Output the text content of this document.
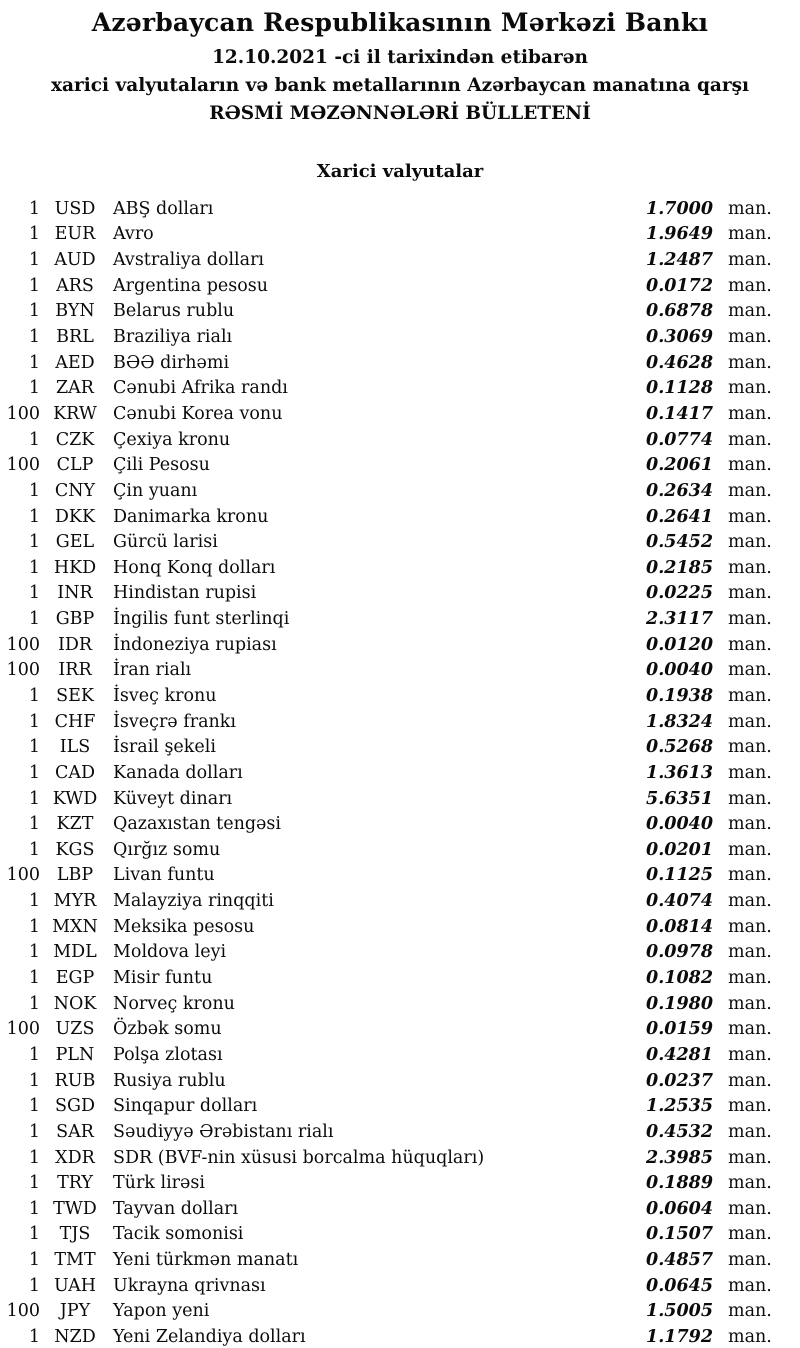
Azərbaycan Respublikasının Mərkəzi Bankı
12.10.2021 -ci il tarixindən etibarən
xarici valyutaların və bank metallarının Azərbaycan manatına qarşı
RƏSMİ MƏZƏNNƏLƏRİ BÜLLETENİ
Xarici valyutalar
1 USD	ABŞ dolları	1.7000 man.
1 EUR	Avro	1.9649 man.
1 AUD Avstraliya dolları	1.2487 man.
1 ARS	Argentina pesosu	0.0172 man.
1 BYN	Belarus rublu	0.6878 man.
1 BRL	Braziliya rialı	0.3069 man.
1 AED	BƏƏ dirhəmi	0.4628 man.
1 ZAR	Cənubi Afrika randı	0.1128 man.
100 KRW Cənubi Korea vonu	0.1417 man.
1 CZK	Çexiya kronu	0.0774 man.
100 CLP	Çili Pesosu	0.2061 man.
1 CNY	Çin yuanı	0.2634 man.
1 DKK	Danimarka kronu	0.2641 man.
1 GEL	Gürcü larisi	0.5452 man.
1 HKD Honq Konq dolları	0.2185 man.
1 INR	Hindistan rupisi	0.0225 man.
1 GBP	İngilis funt sterlinqi	2.3117 man.
100	IDR	İndoneziya rupiası	0.0120 man.
100	IRR	İran rialı	0.0040 man.
1 SEK	İsveç kronu	0.1938 man.
1 CHF	İsveçrə frankı	1.8324 man.
1	ILS	İsrail şekeli	0.5268 man.
1 CAD	Kanada dolları	1.3613 man.
1 KWD Küveyt dinarı	5.6351 man.
1 KZT	Qazaxıstan tengəsi	0.0040 man.
1 KGS	Qırğız somu	0.0201 man.
100 LBP	Livan funtu	0.1125 man.
1 MYR Malayziya rinqqiti	0.4074 man.
1 MXN Meksika pesosu	0.0814 man.
1 MDL Moldova leyi	0.0978 man.
1 EGP	Misir funtu	0.1082 man.
1 NOK Norveç kronu	0.1980 man.
100 UZS	Özbək somu	0.0159 man.
1 PLN	Polşa zlotası	0.4281 man.
1 RUB	Rusiya rublu	0.0237 man.
1 SGD	Sinqapur dolları	1.2535 man.
1 SAR	Səudiyyə Ərəbistanı rialı	0.4532 man.
1 XDR	SDR (BVF-nin xüsusi borcalma hüquqları)	2.3985 man.
1 TRY	Türk lirəsi	0.1889 man.
1 TWD Tayvan dolları	0.0604 man.
1	TJS	Tacik somonisi	0.1507 man.
1 TMT Yeni türkmən manatı	0.4857 man.
1 UAH Ukrayna qrivnası	0.0645 man.
100	JPY	Yapon yeni	1.5005 man.
1 NZD Yeni Zelandiya dolları	1.1792 man.
